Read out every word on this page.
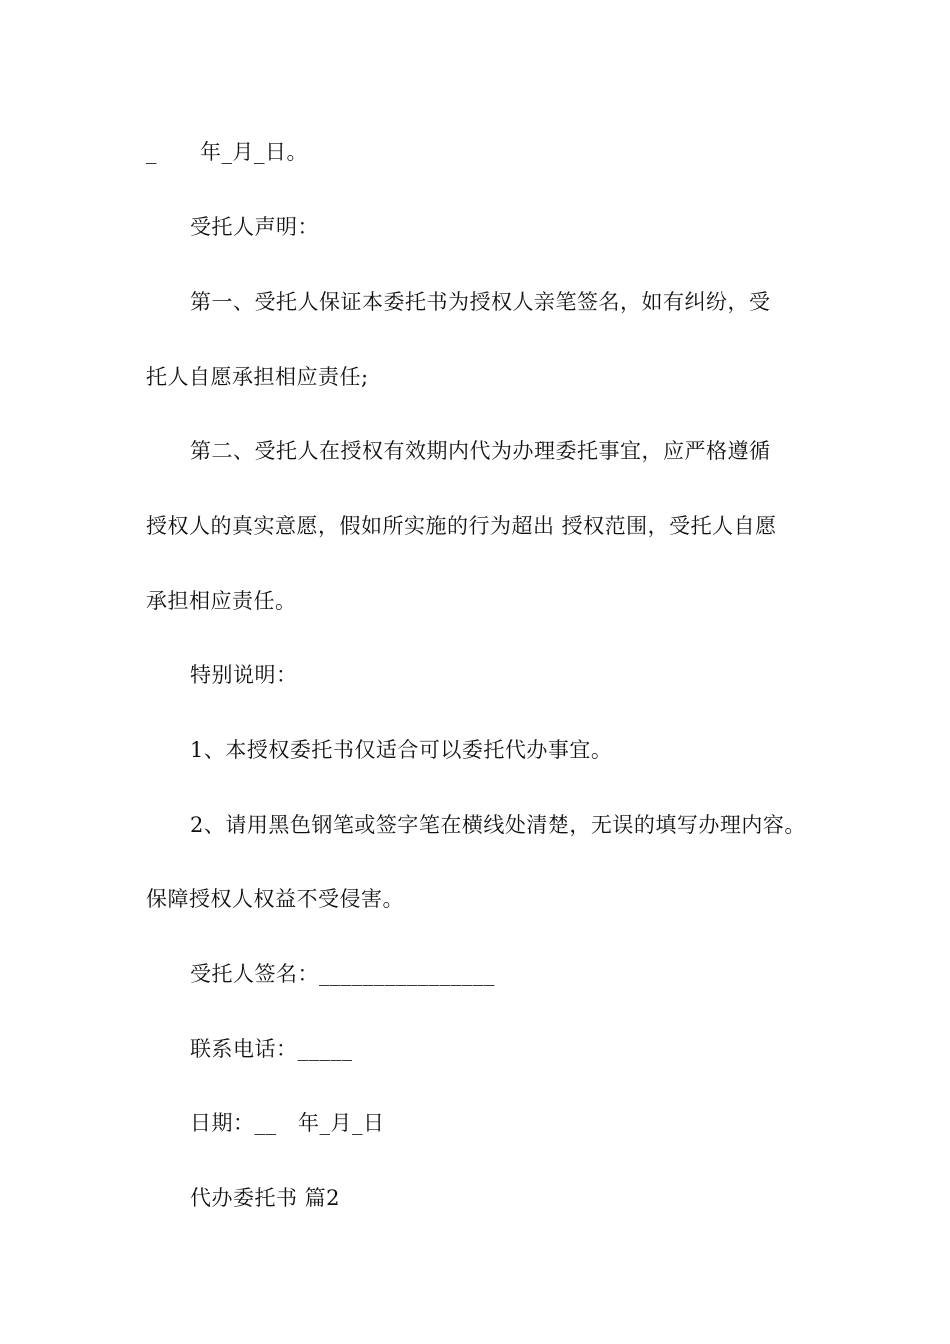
_      年_月_日。
受托人声明：
第一、受托人保证本委托书为授权人亲笔签名，如有纠纷，受
托人自愿承担相应责任;
第二、受托人在授权有效期内代为办理委托事宜，应严格遵循
授权人的真实意愿，假如所实施的行为超出 授权范围，受托人自愿
承担相应责任。
特别说明：
1、本授权委托书仅适合可以委托代办事宜。
2、请用黑色钢笔或签字笔在横线处清楚，无误的填写办理内容。
保障授权人权益不受侵害。
受托人签名：________________
联系电话：_____
日期：__   年_月_日
代办委托书 篇2
